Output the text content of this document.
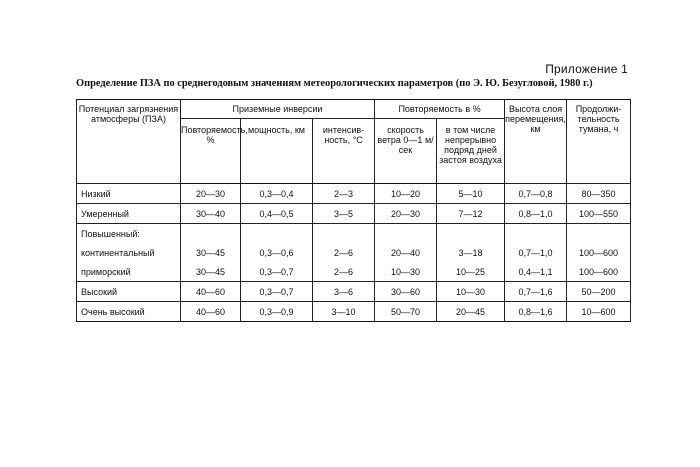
Приложение 1
Определение ПЗА по среднегодовым значениям метеорологических параметров (по Э. Ю. Безугловой, 1980 г.)
Потенциал загрязнения атмосферы (ПЗА)	Приземные инверсии			Повторяемость в %		Высота слоя перемещения, км	Продолжи-тельность тумана, ч
	Повторяемость, %	мощность, км	интенсив-ность, °С	скорость ветра 0—1 м/сек	в том числе непрерывно подряд дней застоя воздуха		
Низкий	20—30	0,3—0,4	2—3	10—20	5—10	0,7—0,8	80—350
Умеренный	30—40	0,4—0,5	3—5	20—30	7—12	0,8—1,0	100—550
Повышенный:							
континентальный	30—45	0,3—0,6	2—6	20—40	3—18	0,7—1,0	100—600
приморский	30—45	0,3—0,7	2—6	10—30	10—25	0,4—1,1	100—600
Высокий	40—60	0,3—0,7	3—6	30—60	10—30	0,7—1,6	50—200
Очень высокий	40—60	0,3—0,9	3—10	50—70	20—45	0,8—1,6	10—600
